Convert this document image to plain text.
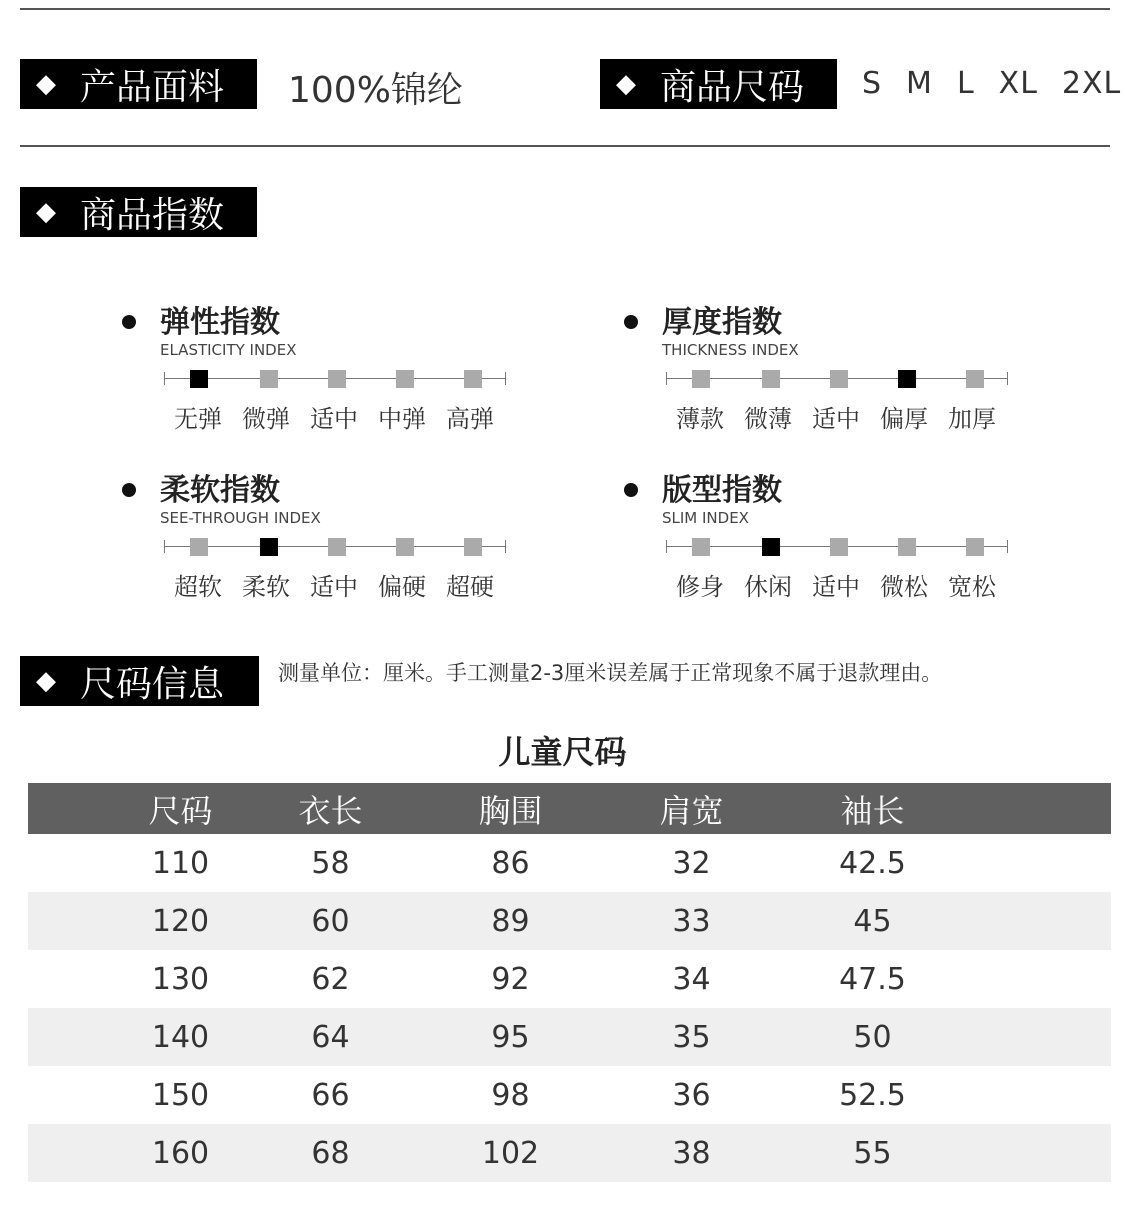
◆ 产品面料 100%锦纶	◆ 商品尺码 S M L XL 2XL
◆ 商品指数
弹性指数
ELASTICITY INDEX
无弹 微弹 适中 中弹 高弹
厚度指数
THICKNESS INDEX
薄款 微薄 适中 偏厚 加厚
柔软指数
SEE-THROUGH INDEX
超软 柔软 适中 偏硬 超硬
版型指数
SLIM INDEX
修身 休闲 适中 微松 宽松
◆ 尺码信息	测量单位：厘米。手工测量2-3厘米误差属于正常现象不属于退款理由。
儿童尺码
尺码	衣长	胸围	肩宽	袖长
110	58	86	32	42.5
120	60	89	33	45
130	62	92	34	47.5
140	64	95	35	50
150	66	98	36	52.5
160	68	102	38	55
